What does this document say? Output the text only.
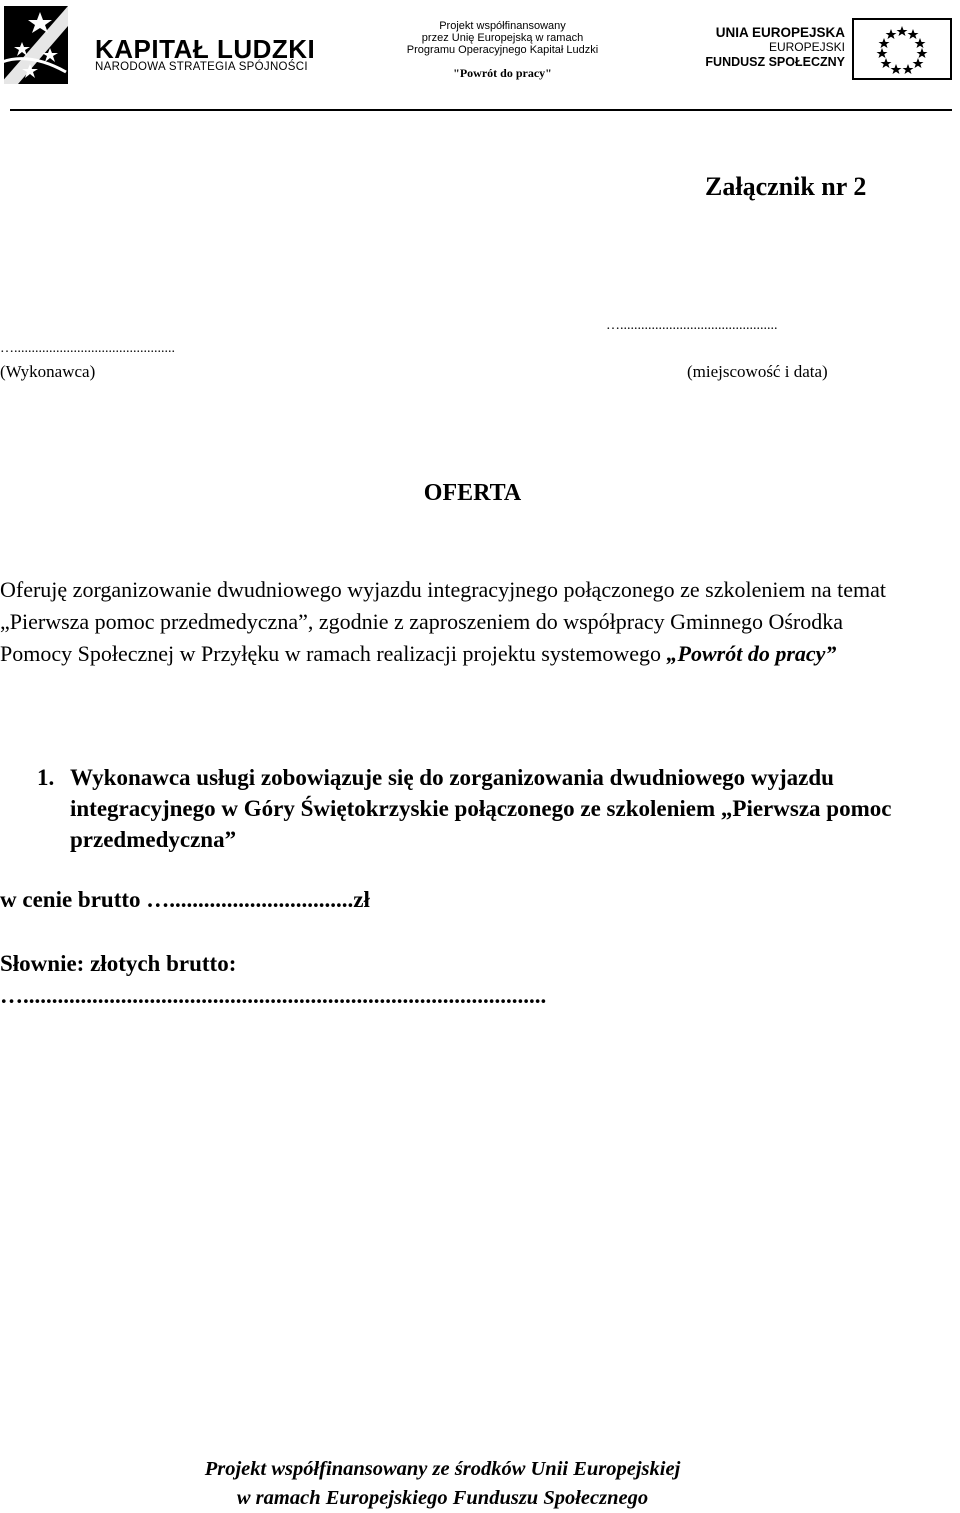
KAPITAŁ LUDZKI
NARODOWA STRATEGIA SPÓJNOŚCI
Projekt współfinansowany
przez Unię Europejską w ramach
Programu Operacyjnego Kapitał Ludzki
"Powrót do pracy"
UNIA EUROPEJSKA
EUROPEJSKI
FUNDUSZ SPOŁECZNY
Załącznik nr 2
….............................................
…..............................................
(Wykonawca)	(miejscowość i data)
OFERTA
Oferuję zorganizowanie dwudniowego wyjazdu integracyjnego połączonego ze szkoleniem na temat „Pierwsza pomoc przedmedyczna”, zgodnie z zaproszeniem do współpracy Gminnego Ośrodka Pomocy Społecznej w Przyłęku w ramach realizacji projektu systemowego „Powrót do pracy”
1. Wykonawca usługi zobowiązuje się do zorganizowania dwudniowego wyjazdu integracyjnego w Góry Świętokrzyskie połączonego ze szkoleniem „Pierwsza pomoc przedmedyczna”
w cenie brutto …................................zł
Słownie: złotych brutto:
…...........................................................................................
Projekt współfinansowany ze środków Unii Europejskiej
w ramach Europejskiego Funduszu Społecznego
